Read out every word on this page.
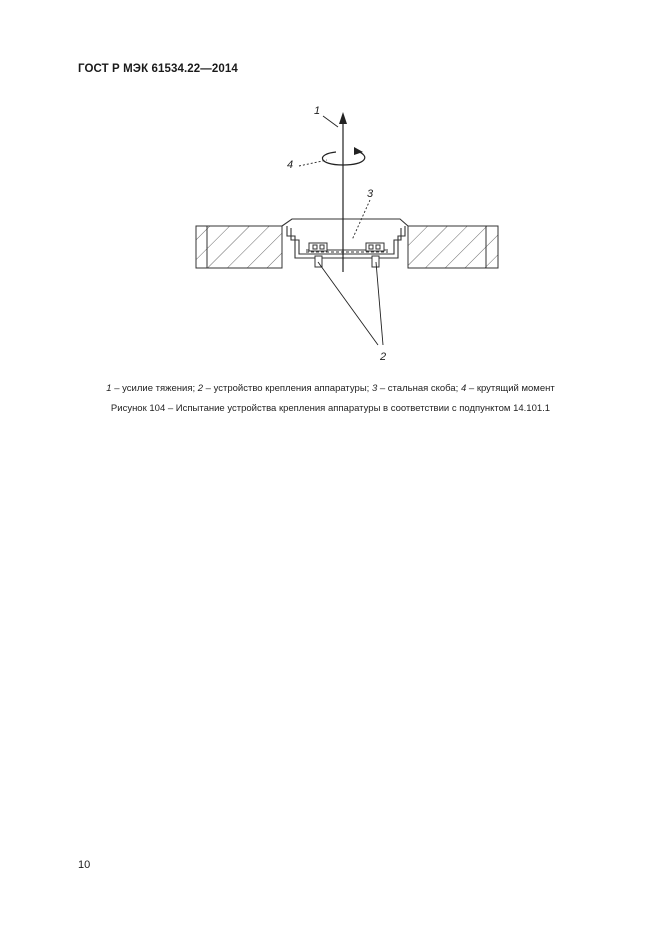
ГОСТ Р МЭК 61534.22—2014
1
4
3
2
1 – усилие тяжения; 2 – устройство крепления аппаратуры; 3 – стальная скоба; 4 – крутящий момент
Рисунок 104 – Испытание устройства крепления аппаратуры в соответствии с подпунктом 14.101.1
10
